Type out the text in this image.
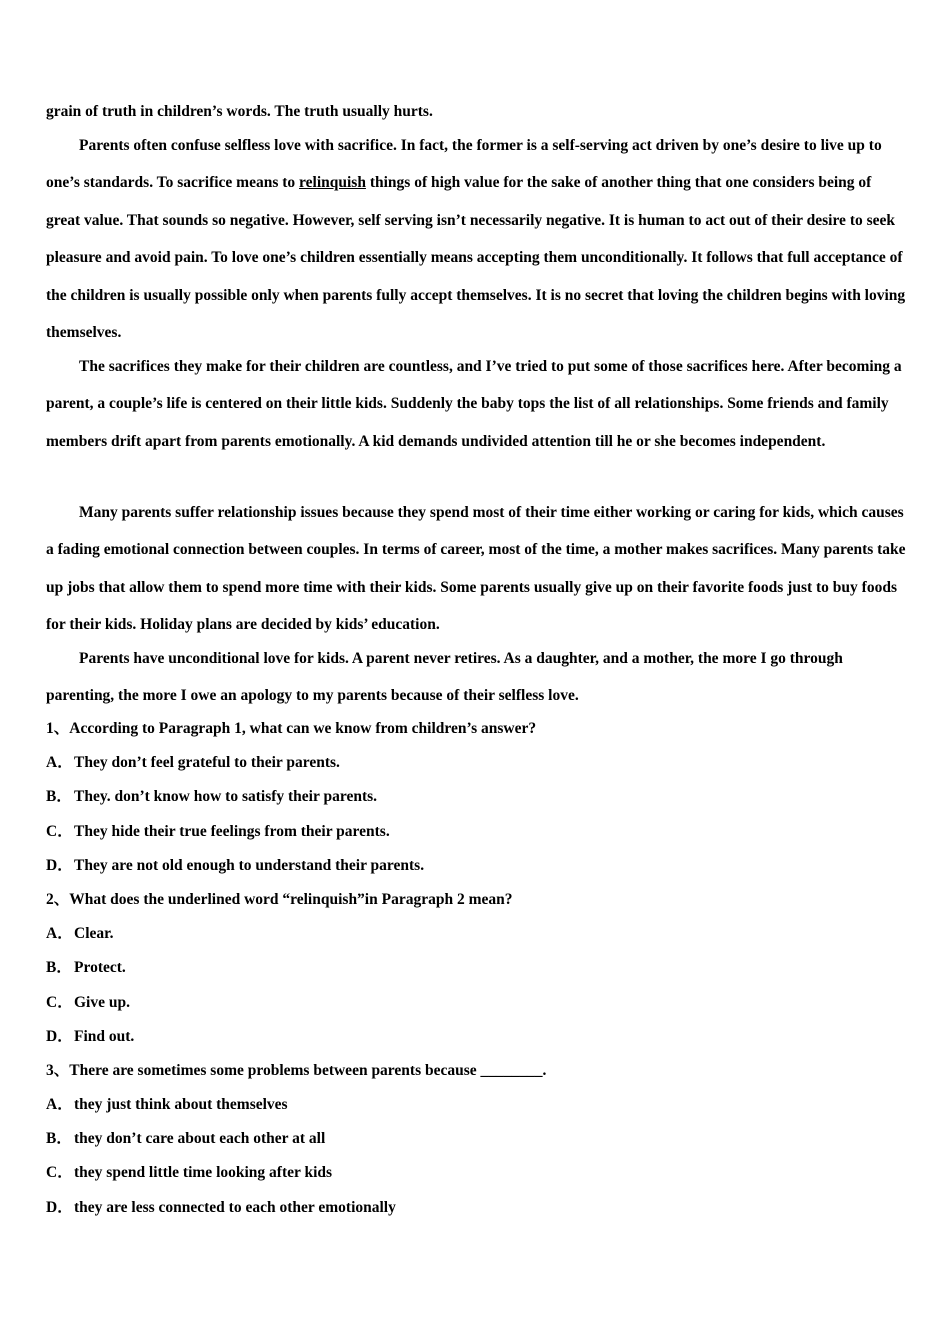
grain of truth in children’s words. The truth usually hurts.

Parents often confuse selfless love with sacrifice. In fact, the former is a self-serving act driven by one’s desire to live up to one’s standards. To sacrifice means to relinquish things of high value for the sake of another thing that one considers being of great value. That sounds so negative. However, self serving isn’t necessarily negative. It is human to act out of their desire to seek pleasure and avoid pain. To love one’s children essentially means accepting them unconditionally. It follows that full acceptance of the children is usually possible only when parents fully accept themselves. It is no secret that loving the children begins with loving themselves.

The sacrifices they make for their children are countless, and I’ve tried to put some of those sacrifices here. After becoming a parent, a couple’s life is centered on their little kids. Suddenly the baby tops the list of all relationships. Some friends and family members drift apart from parents emotionally. A kid demands undivided attention till he or she becomes independent.

Many parents suffer relationship issues because they spend most of their time either working or caring for kids, which causes a fading emotional connection between couples. In terms of career, most of the time, a mother makes sacrifices. Many parents take up jobs that allow them to spend more time with their kids. Some parents usually give up on their favorite foods just to buy foods for their kids. Holiday plans are decided by kids’ education.

Parents have unconditional love for kids. A parent never retires. As a daughter, and a mother, the more I go through parenting, the more I owe an apology to my parents because of their selfless love.

1、According to Paragraph 1, what can we know from children’s answer?
A．They don’t feel grateful to their parents.
B． They. don’t know how to satisfy their parents.
C．They hide their true feelings from their parents.
D．They are not old enough to understand their parents.
2、What does the underlined word “relinquish”in Paragraph 2 mean?
A．Clear.
B． Protect.
C．Give up.
D．Find out.
3、There are sometimes some problems between parents because ________.
A．they just think about themselves
B． they don’t care about each other at all
C．they spend little time looking after kids
D．they are less connected to each other emotionally
